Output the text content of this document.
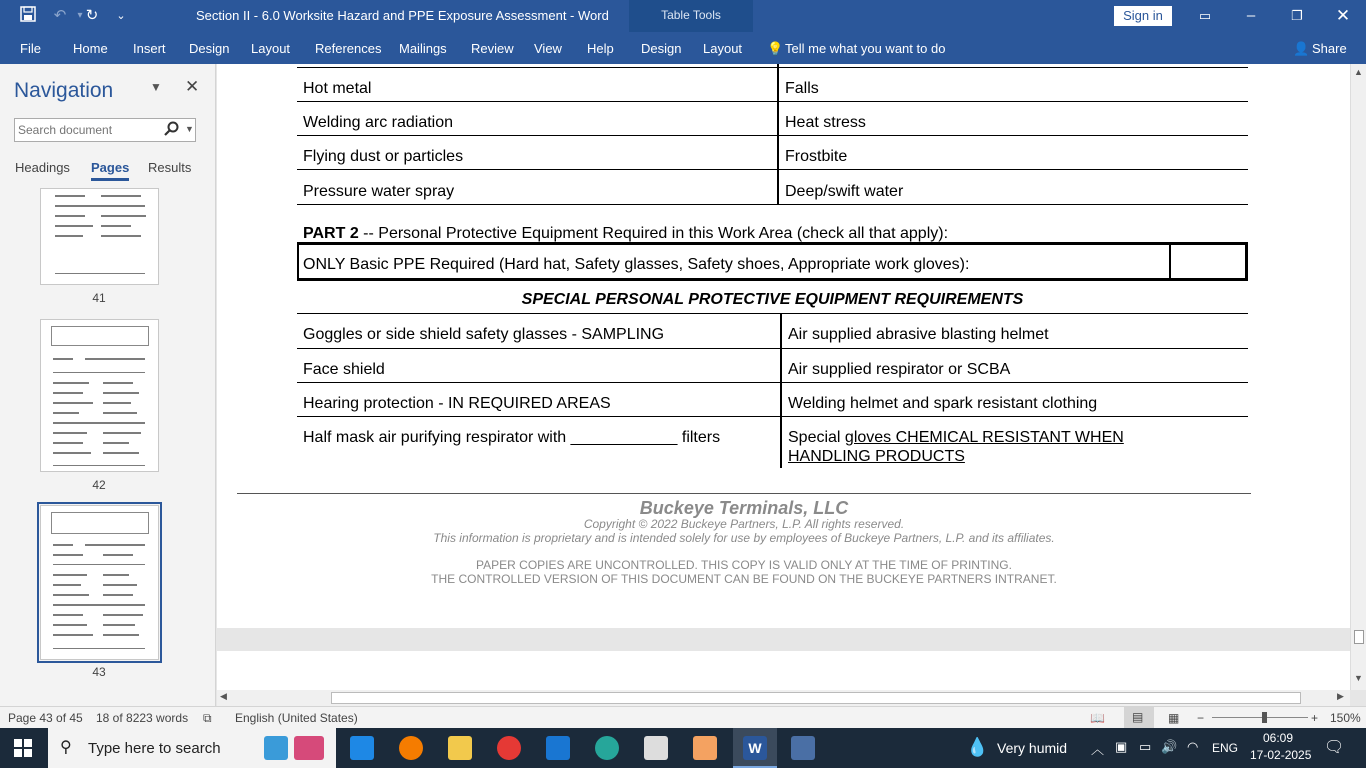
↶	▾ ↻	⌄	Section II - 6.0 Worksite Hazard and PPE Exposure Assessment - Word	Table Tools	Sign in	▭	–	❐	✕
File Home Insert Design Layout References Mailings Review View Help Design Layout 💡 Tell me what you want to do	👤 Share
Navigation	▼ ✕
Search document
▼
Headings Pages Results
41
42
43
Hot metal	Falls
Welding arc radiation	Heat stress
Flying dust or particles	Frostbite
Pressure water spray	Deep/swift water
PART 2 -- Personal Protective Equipment Required in this Work Area (check all that apply):
ONLY Basic PPE Required (Hard hat, Safety glasses, Safety shoes, Appropriate work gloves):
SPECIAL PERSONAL PROTECTIVE EQUIPMENT REQUIREMENTS
Goggles or side shield safety glasses - SAMPLING	Air supplied abrasive blasting helmet
Face shield	Air supplied respirator or SCBA
Hearing protection - IN REQUIRED AREAS	Welding helmet and spark resistant clothing
Half mask air purifying respirator with ____________ filters	Special gloves CHEMICAL RESISTANT WHEN
HANDLING PRODUCTS
Buckeye Terminals, LLC
Copyright © 2022 Buckeye Partners, L.P. All rights reserved.
This information is proprietary and is intended solely for use by employees of Buckeye Partners, L.P. and its affiliates.
PAPER COPIES ARE UNCONTROLLED. THIS COPY IS VALID ONLY AT THE TIME OF PRINTING.
THE CONTROLLED VERSION OF THIS DOCUMENT CAN BE FOUND ON THE BUCKEYE PARTNERS INTRANET.
▲
▼
◀	▶
Page 43 of 45 18 of 8223 words ⧉ English (United States)	📖 ▤ ▦ −	+ 150%
⚲ Type here to search	W	💧 Very humid ︿ ▣ ▭ 🔊 ◠ ENG
06:09
17-02-2025 🗨
